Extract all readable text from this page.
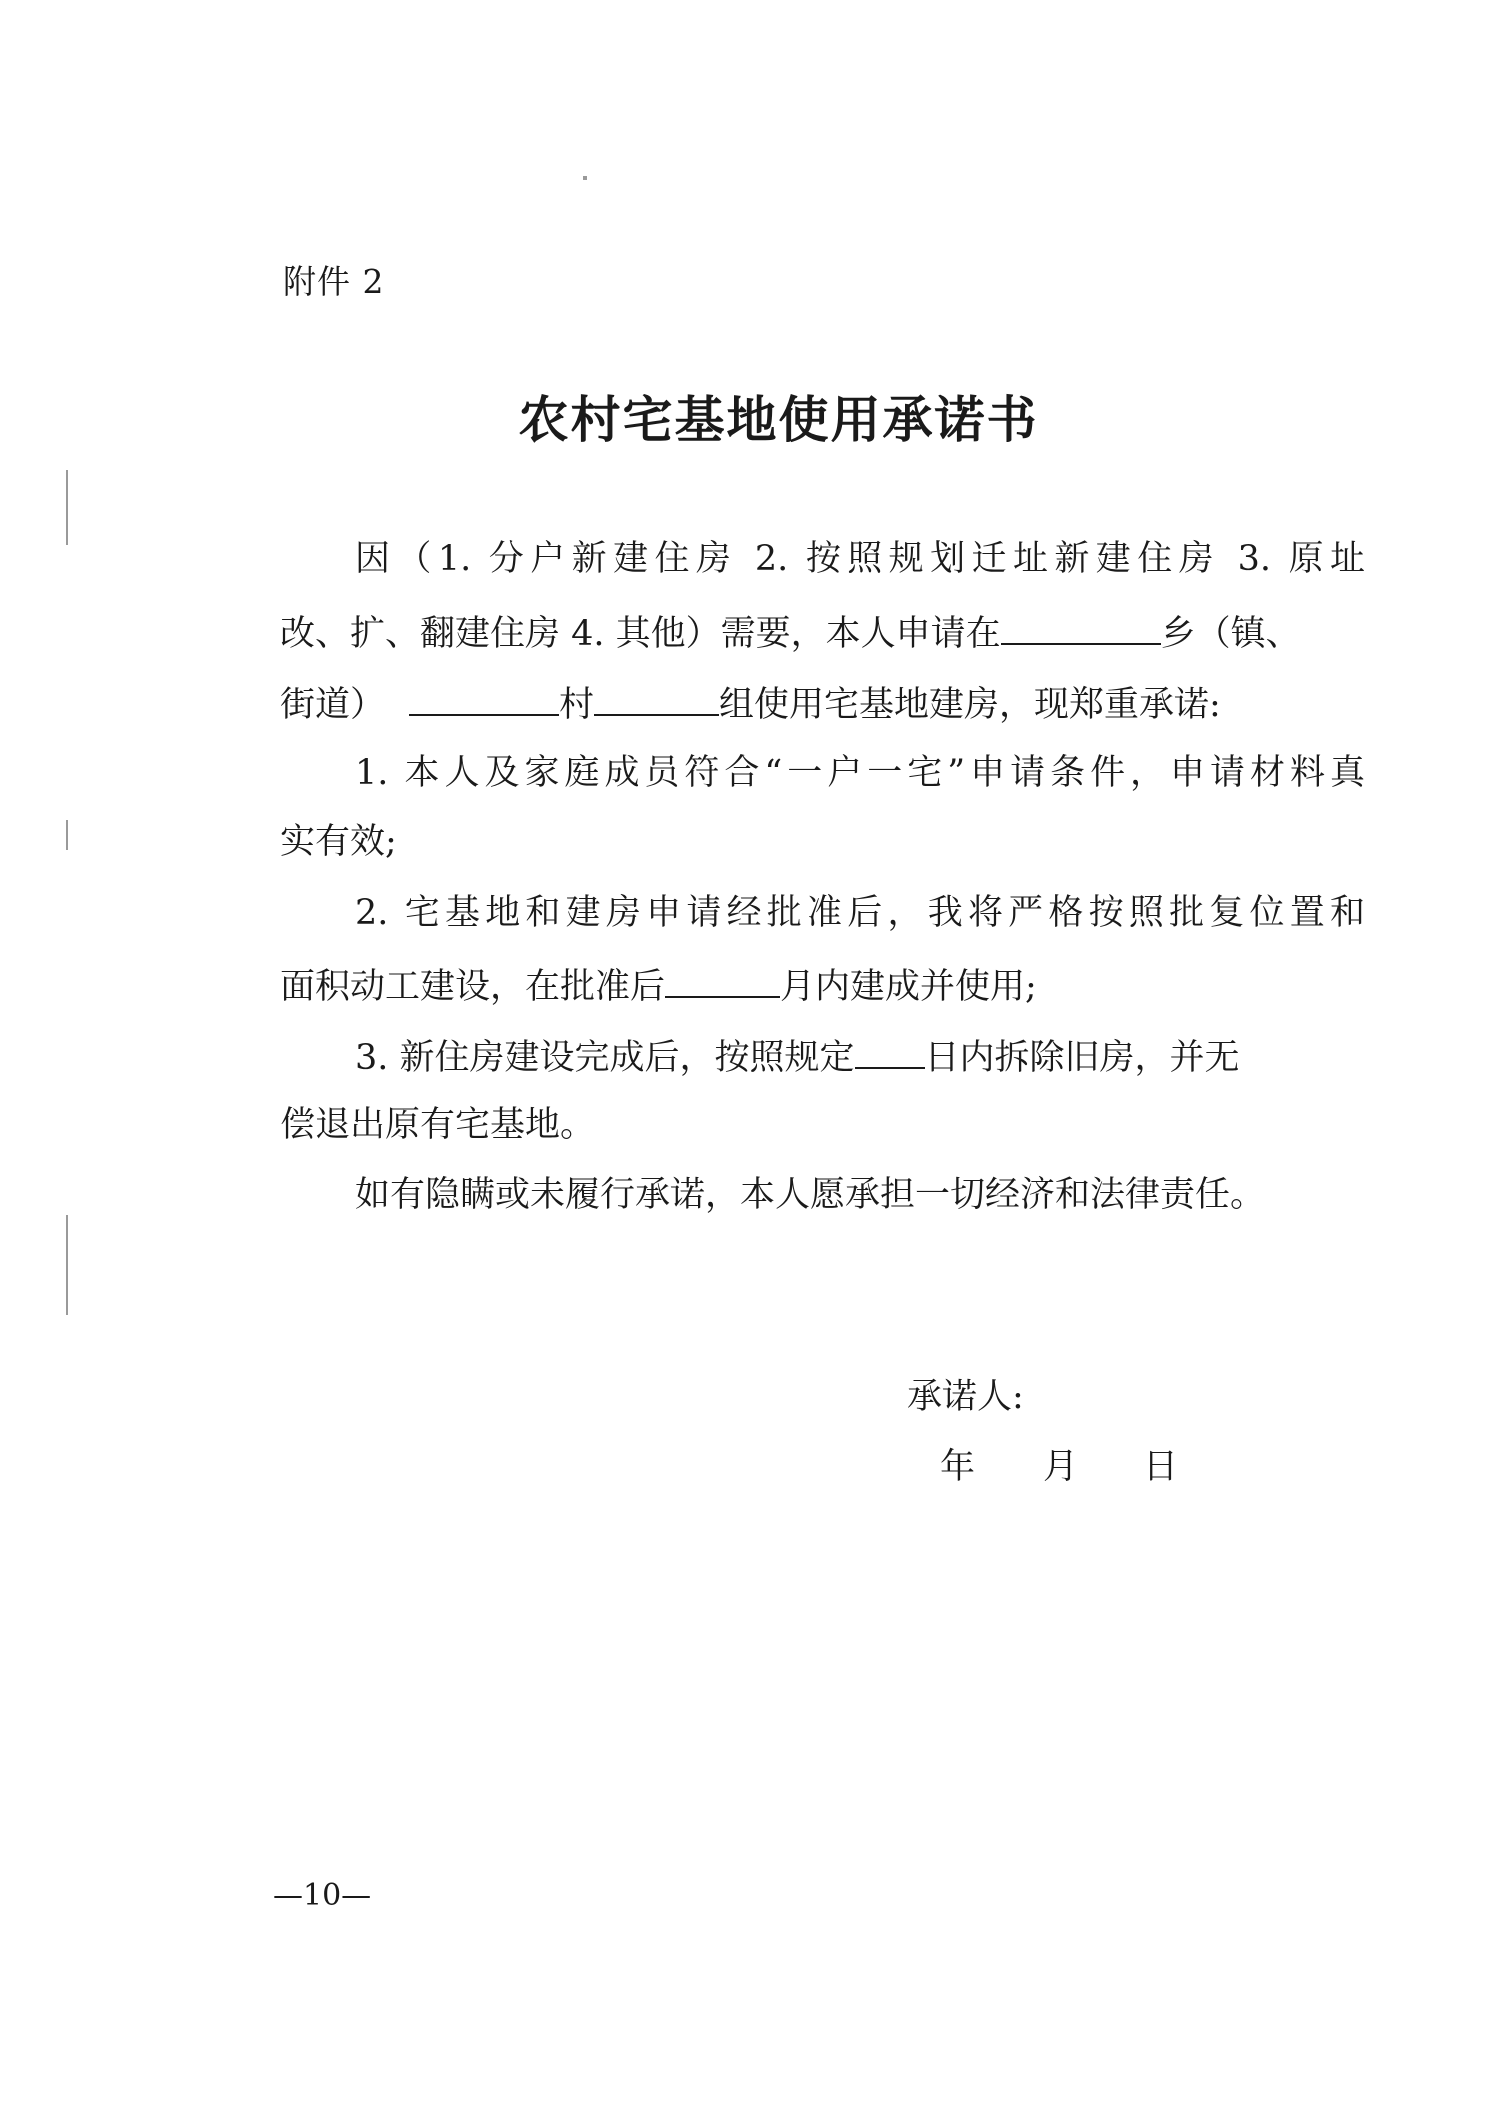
附件 2
农村宅基地使用承诺书
因（1. 分户新建住房 2. 按照规划迁址新建住房 3. 原址
改、扩、翻建住房 4. 其他）需要，本人申请在	乡（镇、
街道）	村	组使用宅基地建房，现郑重承诺:
1. 本人及家庭成员符合“一户一宅”申请条件，申请材料真
实有效;
2. 宅基地和建房申请经批准后，我将严格按照批复位置和
面积动工建设，在批准后	月内建成并使用;
3. 新住房建设完成后，按照规定 日内拆除旧房，并无
偿退出原有宅基地。
如有隐瞒或未履行承诺，本人愿承担一切经济和法律责任。
承诺人:
年 月 日
—10—
